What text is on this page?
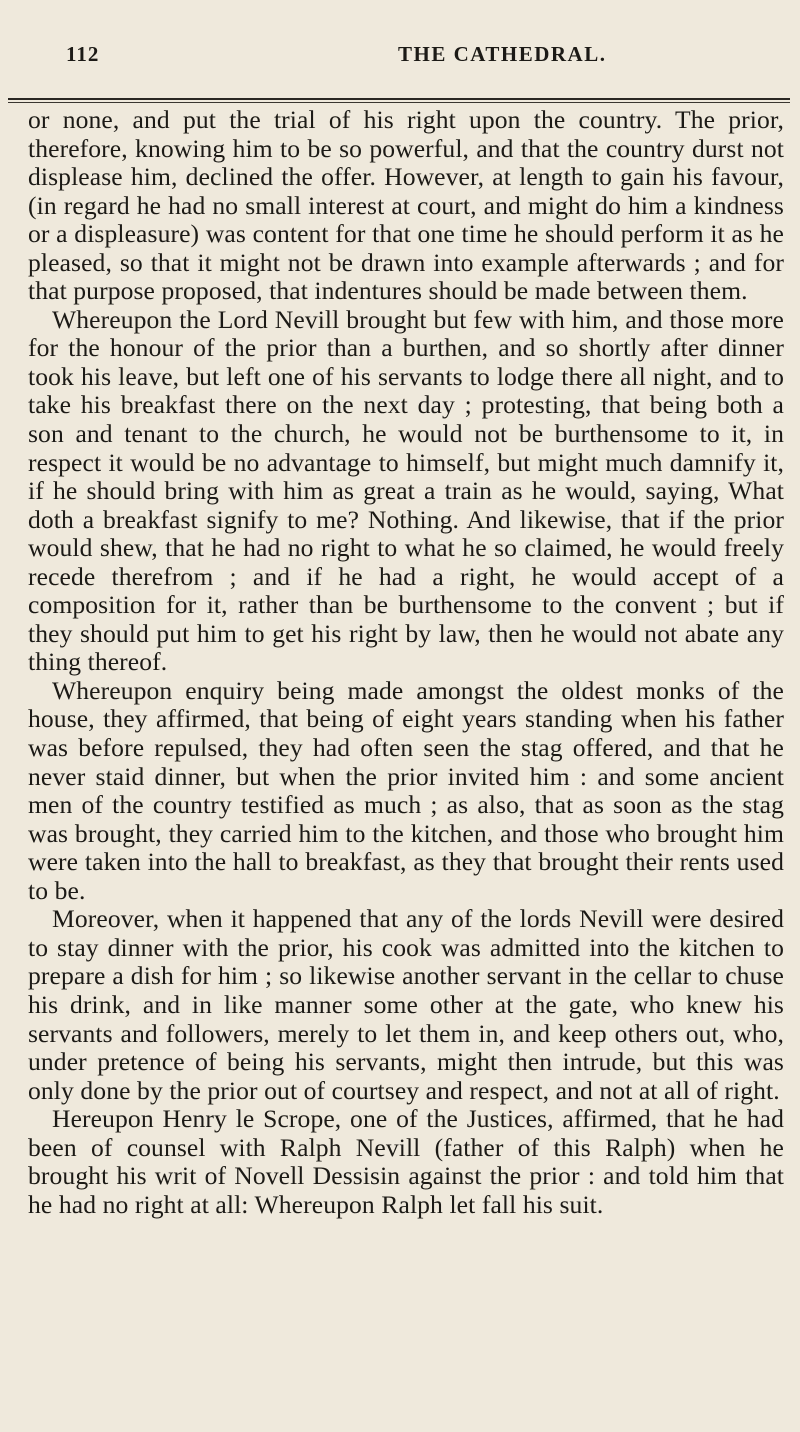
112	THE CATHEDRAL.

or none, and put the trial of his right upon the country. The prior, therefore, knowing him to be so powerful, and that the country durst not displease him, declined the offer. However, at length to gain his favour, (in regard he had no small interest at court, and might do him a kindness or a displeasure) was content for that one time he should perform it as he pleased, so that it might not be drawn into example afterwards ; and for that purpose proposed, that indentures should be made between them.

Whereupon the Lord Nevill brought but few with him, and those more for the honour of the prior than a burthen, and so shortly after dinner took his leave, but left one of his servants to lodge there all night, and to take his breakfast there on the next day ; protesting, that being both a son and tenant to the church, he would not be burthensome to it, in respect it would be no advantage to himself, but might much damnify it, if he should bring with him as great a train as he would, saying, What doth a breakfast signify to me? Nothing. And likewise, that if the prior would shew, that he had no right to what he so claimed, he would freely recede therefrom ; and if he had a right, he would accept of a composition for it, rather than be burthensome to the convent ; but if they should put him to get his right by law, then he would not abate any thing thereof.

Whereupon enquiry being made amongst the oldest monks of the house, they affirmed, that being of eight years standing when his father was before repulsed, they had often seen the stag offered, and that he never staid dinner, but when the prior invited him : and some ancient men of the country testified as much ; as also, that as soon as the stag was brought, they carried him to the kitchen, and those who brought him were taken into the hall to breakfast, as they that brought their rents used to be.

Moreover, when it happened that any of the lords Nevill were desired to stay dinner with the prior, his cook was admitted into the kitchen to prepare a dish for him ; so likewise another servant in the cellar to chuse his drink, and in like manner some other at the gate, who knew his servants and followers, merely to let them in, and keep others out, who, under pretence of being his servants, might then intrude, but this was only done by the prior out of courtsey and respect, and not at all of right.

Hereupon Henry le Scrope, one of the Justices, affirmed, that he had been of counsel with Ralph Nevill (father of this Ralph) when he brought his writ of Novell Dessisin against the prior : and told him that he had no right at all: Whereupon Ralph let fall his suit.
